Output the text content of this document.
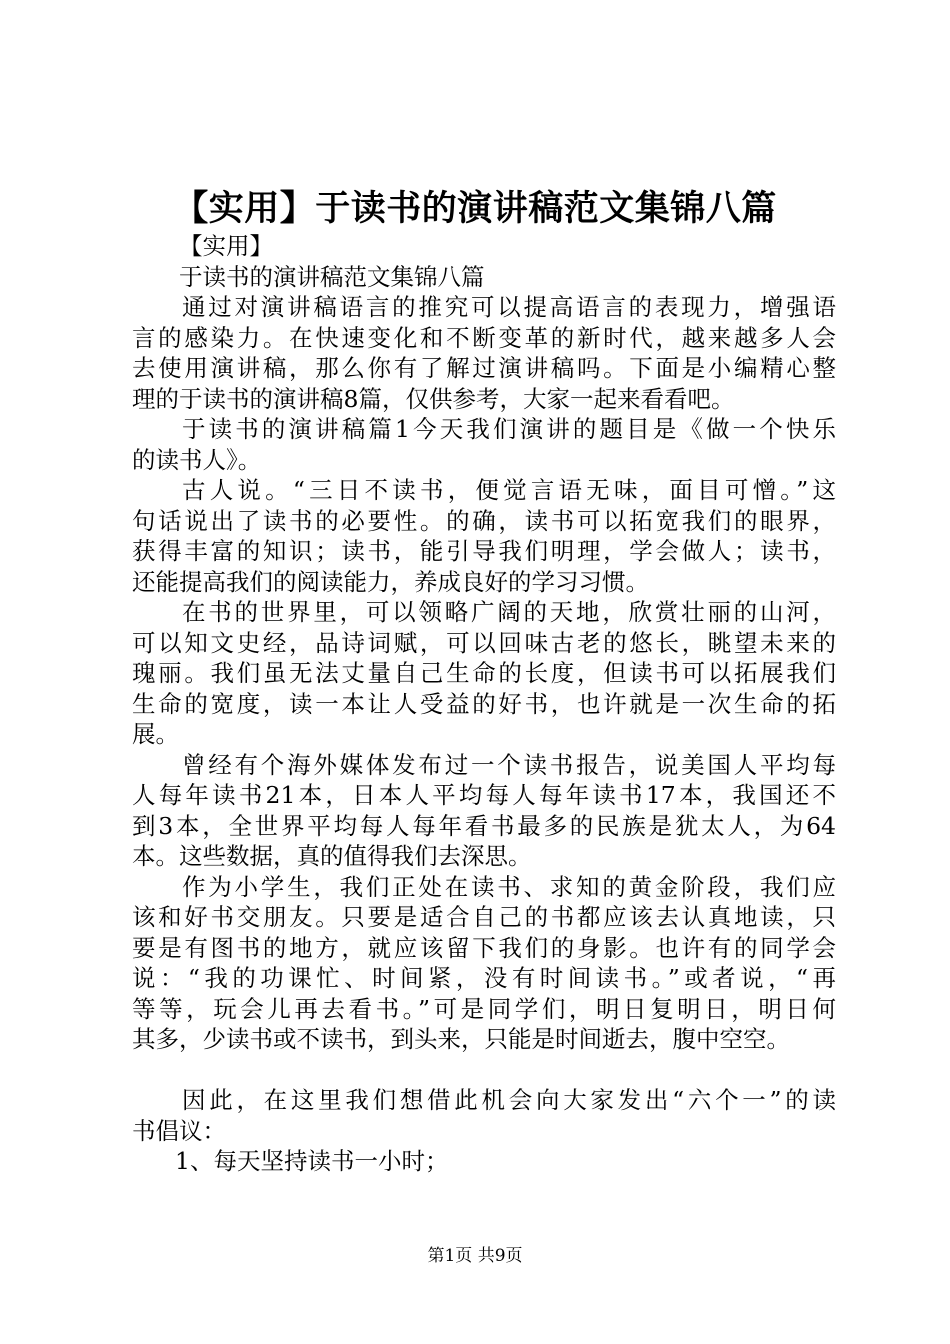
【实用】于读书的演讲稿范文集锦八篇
【实用】
于读书的演讲稿范文集锦八篇
通过对演讲稿语言的推究可以提高语言的表现力，增强语
言的感染力。在快速变化和不断变革的新时代，越来越多人会
去使用演讲稿，那么你有了解过演讲稿吗。下面是小编精心整
理的于读书的演讲稿8篇，仅供参考，大家一起来看看吧。
于读书的演讲稿篇1今天我们演讲的题目是《做一个快乐
的读书人》。
古人说。“三日不读书，便觉言语无味，面目可憎。”这
句话说出了读书的必要性。的确，读书可以拓宽我们的眼界，
获得丰富的知识；读书，能引导我们明理，学会做人；读书，
还能提高我们的阅读能力，养成良好的学习习惯。
在书的世界里，可以领略广阔的天地，欣赏壮丽的山河，
可以知文史经，品诗词赋，可以回味古老的悠长，眺望未来的
瑰丽。我们虽无法丈量自己生命的长度，但读书可以拓展我们
生命的宽度，读一本让人受益的好书，也许就是一次生命的拓
展。
曾经有个海外媒体发布过一个读书报告，说美国人平均每
人每年读书21本，日本人平均每人每年读书17本，我国还不
到3本，全世界平均每人每年看书最多的民族是犹太人，为64
本。这些数据，真的值得我们去深思。
作为小学生，我们正处在读书、求知的黄金阶段，我们应
该和好书交朋友。只要是适合自己的书都应该去认真地读，只
要是有图书的地方，就应该留下我们的身影。也许有的同学会
说：“我的功课忙、时间紧，没有时间读书。”或者说，“再
等等，玩会儿再去看书。”可是同学们，明日复明日，明日何
其多，少读书或不读书，到头来，只能是时间逝去，腹中空空。
因此，在这里我们想借此机会向大家发出“六个一”的读
书倡议：
1、每天坚持读书一小时；
第1页 共9页
